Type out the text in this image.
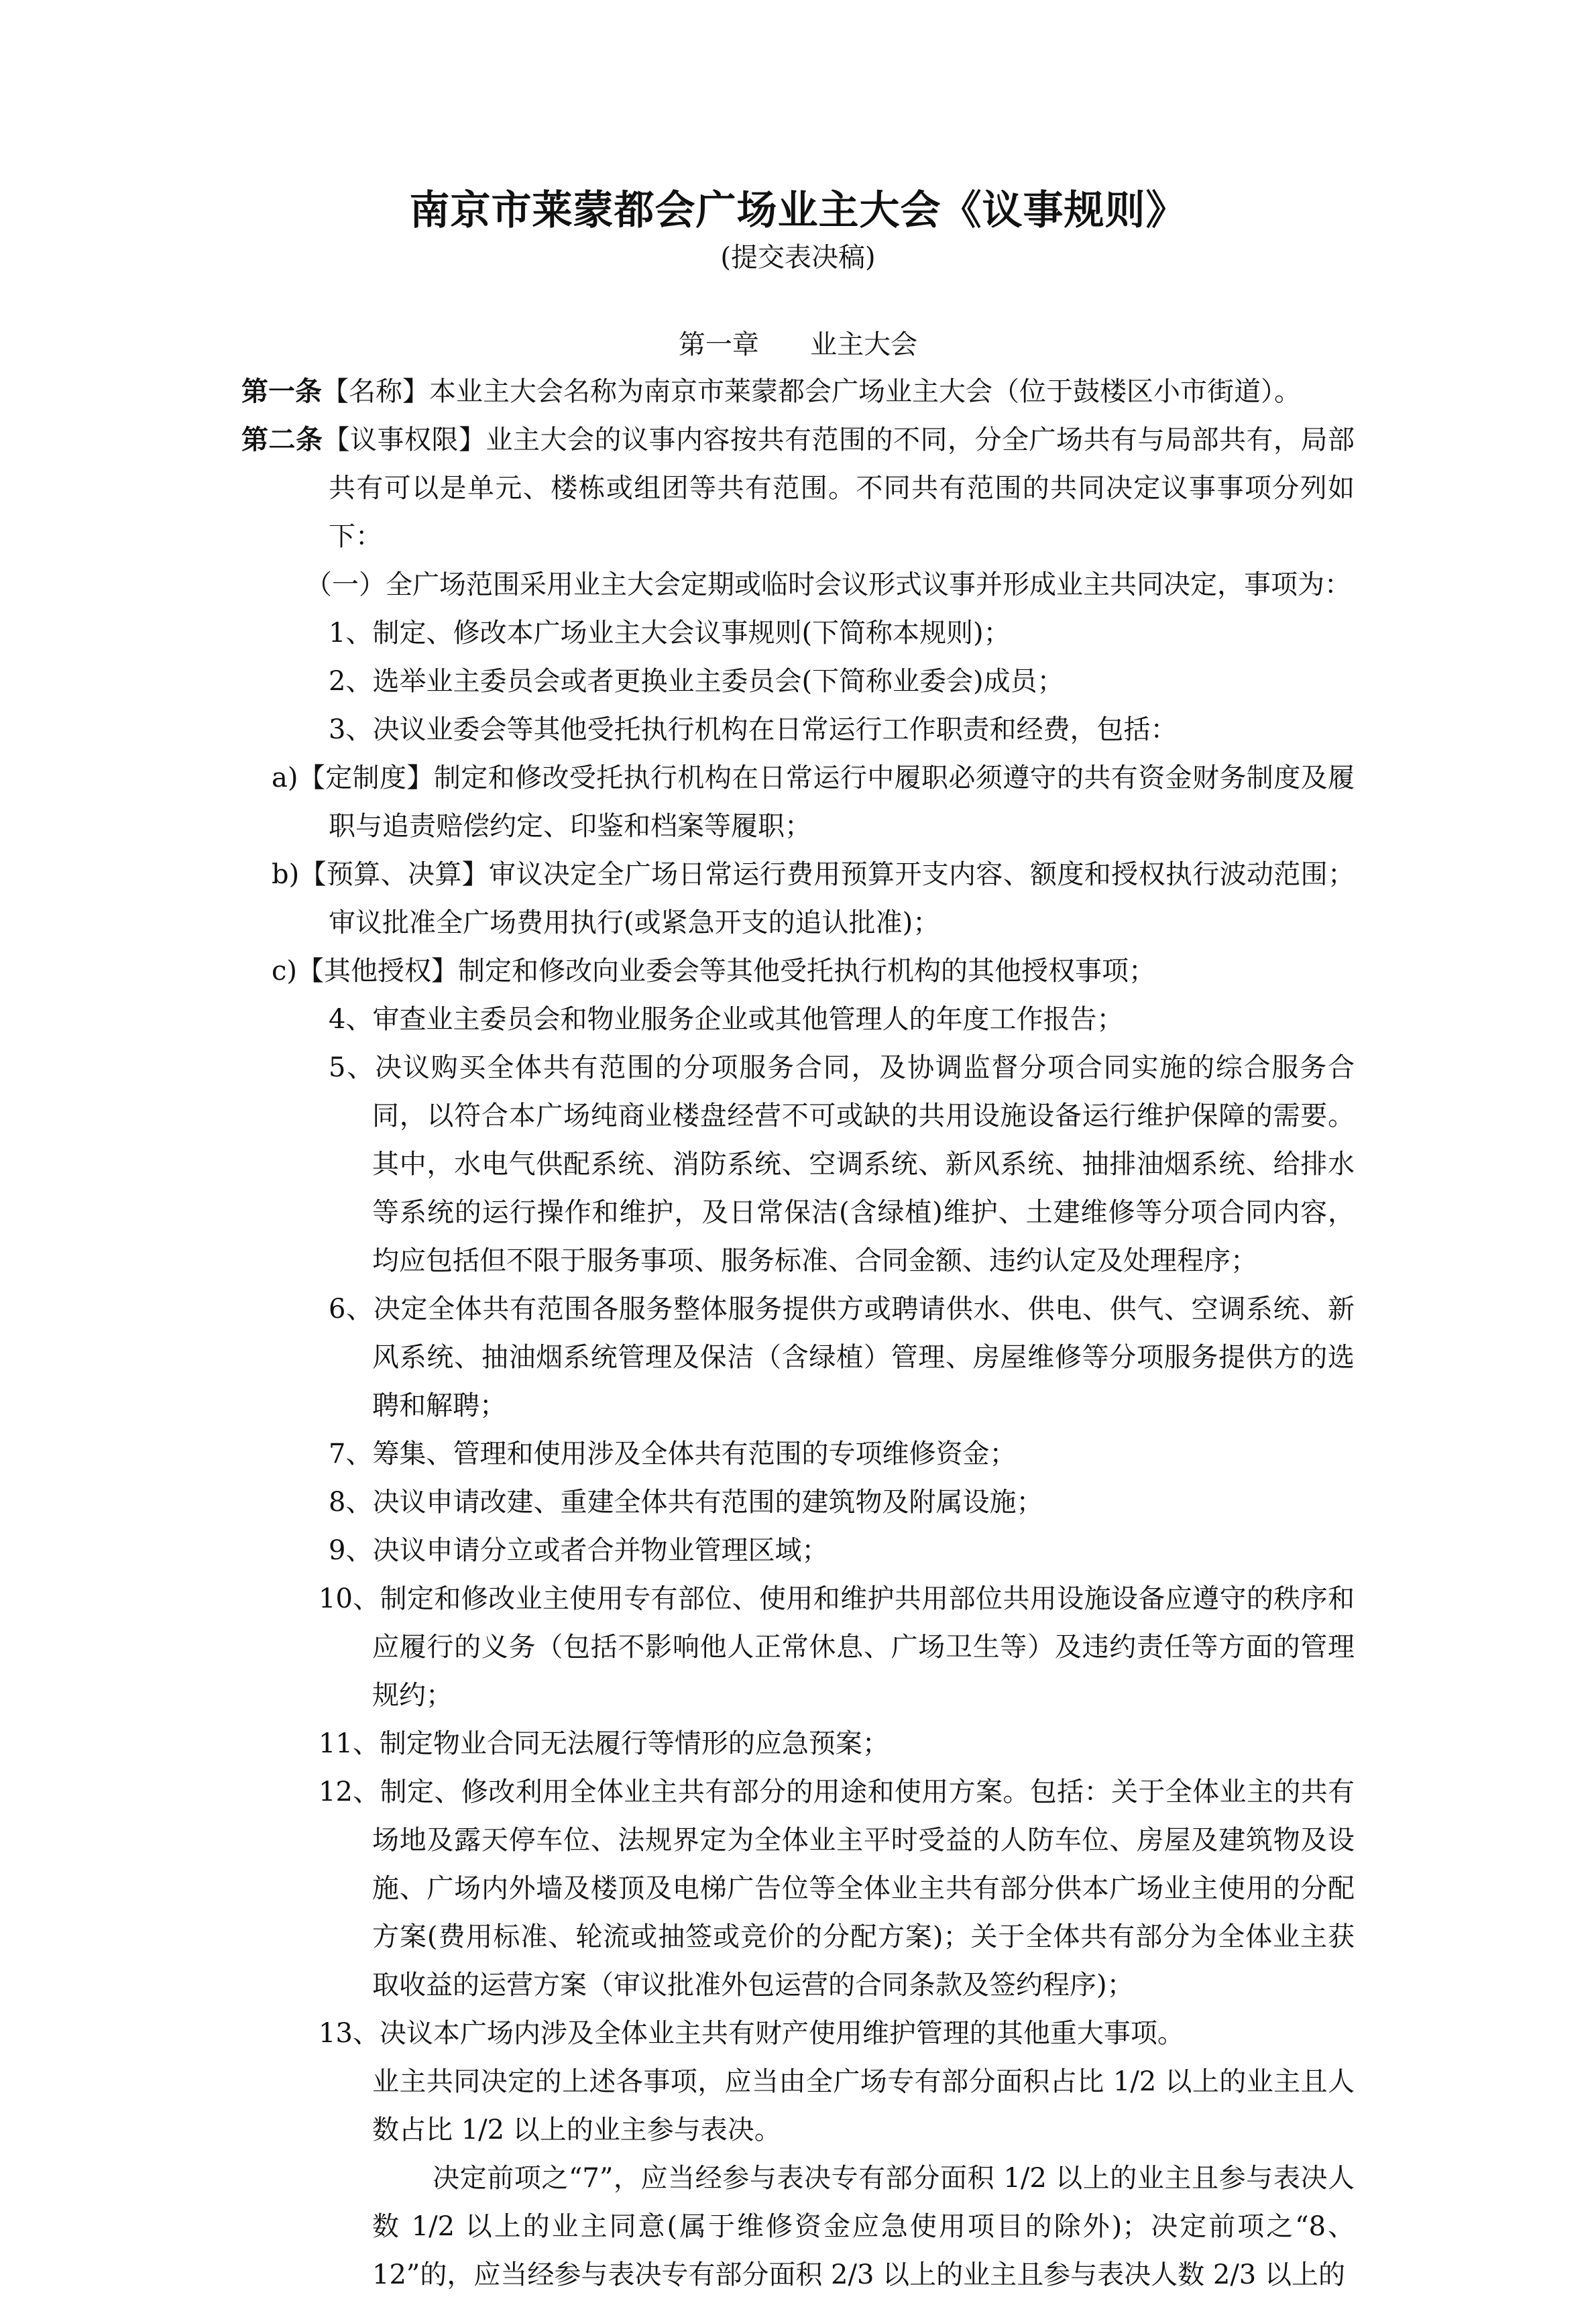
南京市莱蒙都会广场业主大会《议事规则》
(提交表决稿)
第一章      业主大会

第一条【名称】本业主大会名称为南京市莱蒙都会广场业主大会（位于鼓楼区小市街道）。

第二条【议事权限】业主大会的议事内容按共有范围的不同，分全广场共有与局部共有，局部共有可以是单元、楼栋或组团等共有范围。不同共有范围的共同决定议事事项分列如下：

（一）全广场范围采用业主大会定期或临时会议形式议事并形成业主共同决定，事项为：

1、制定、修改本广场业主大会议事规则(下简称本规则)；

2、选举业主委员会或者更换业主委员会(下简称业委会)成员；

3、决议业委会等其他受托执行机构在日常运行工作职责和经费，包括：

a)【定制度】制定和修改受托执行机构在日常运行中履职必须遵守的共有资金财务制度及履职与追责赔偿约定、印鉴和档案等履职；

b)【预算、决算】审议决定全广场日常运行费用预算开支内容、额度和授权执行波动范围；审议批准全广场费用执行(或紧急开支的追认批准)；

c)【其他授权】制定和修改向业委会等其他受托执行机构的其他授权事项；

4、审查业主委员会和物业服务企业或其他管理人的年度工作报告；

5、决议购买全体共有范围的分项服务合同，及协调监督分项合同实施的综合服务合同，以符合本广场纯商业楼盘经营不可或缺的共用设施设备运行维护保障的需要。其中，水电气供配系统、消防系统、空调系统、新风系统、抽排油烟系统、给排水等系统的运行操作和维护，及日常保洁(含绿植)维护、土建维修等分项合同内容，均应包括但不限于服务事项、服务标准、合同金额、违约认定及处理程序；

6、决定全体共有范围各服务整体服务提供方或聘请供水、供电、供气、空调系统、新风系统、抽油烟系统管理及保洁（含绿植）管理、房屋维修等分项服务提供方的选聘和解聘；

7、筹集、管理和使用涉及全体共有范围的专项维修资金；

8、决议申请改建、重建全体共有范围的建筑物及附属设施；

9、决议申请分立或者合并物业管理区域；

10、制定和修改业主使用专有部位、使用和维护共用部位共用设施设备应遵守的秩序和应履行的义务（包括不影响他人正常休息、广场卫生等）及违约责任等方面的管理规约；

11、制定物业合同无法履行等情形的应急预案；

12、制定、修改利用全体业主共有部分的用途和使用方案。包括：关于全体业主的共有场地及露天停车位、法规界定为全体业主平时受益的人防车位、房屋及建筑物及设施、广场内外墙及楼顶及电梯广告位等全体业主共有部分供本广场业主使用的分配方案(费用标准、轮流或抽签或竞价的分配方案)；关于全体共有部分为全体业主获取收益的运营方案（审议批准外包运营的合同条款及签约程序)；

13、决议本广场内涉及全体业主共有财产使用维护管理的其他重大事项。

业主共同决定的上述各事项，应当由全广场专有部分面积占比 1/2 以上的业主且人数占比 1/2 以上的业主参与表决。

决定前项之“7”，应当经参与表决专有部分面积 1/2 以上的业主且参与表决人数 1/2 以上的业主同意(属于维修资金应急使用项目的除外)；决定前项之“8、12”的，应当经参与表决专有部分面积 2/3 以上的业主且参与表决人数 2/3 以上的
